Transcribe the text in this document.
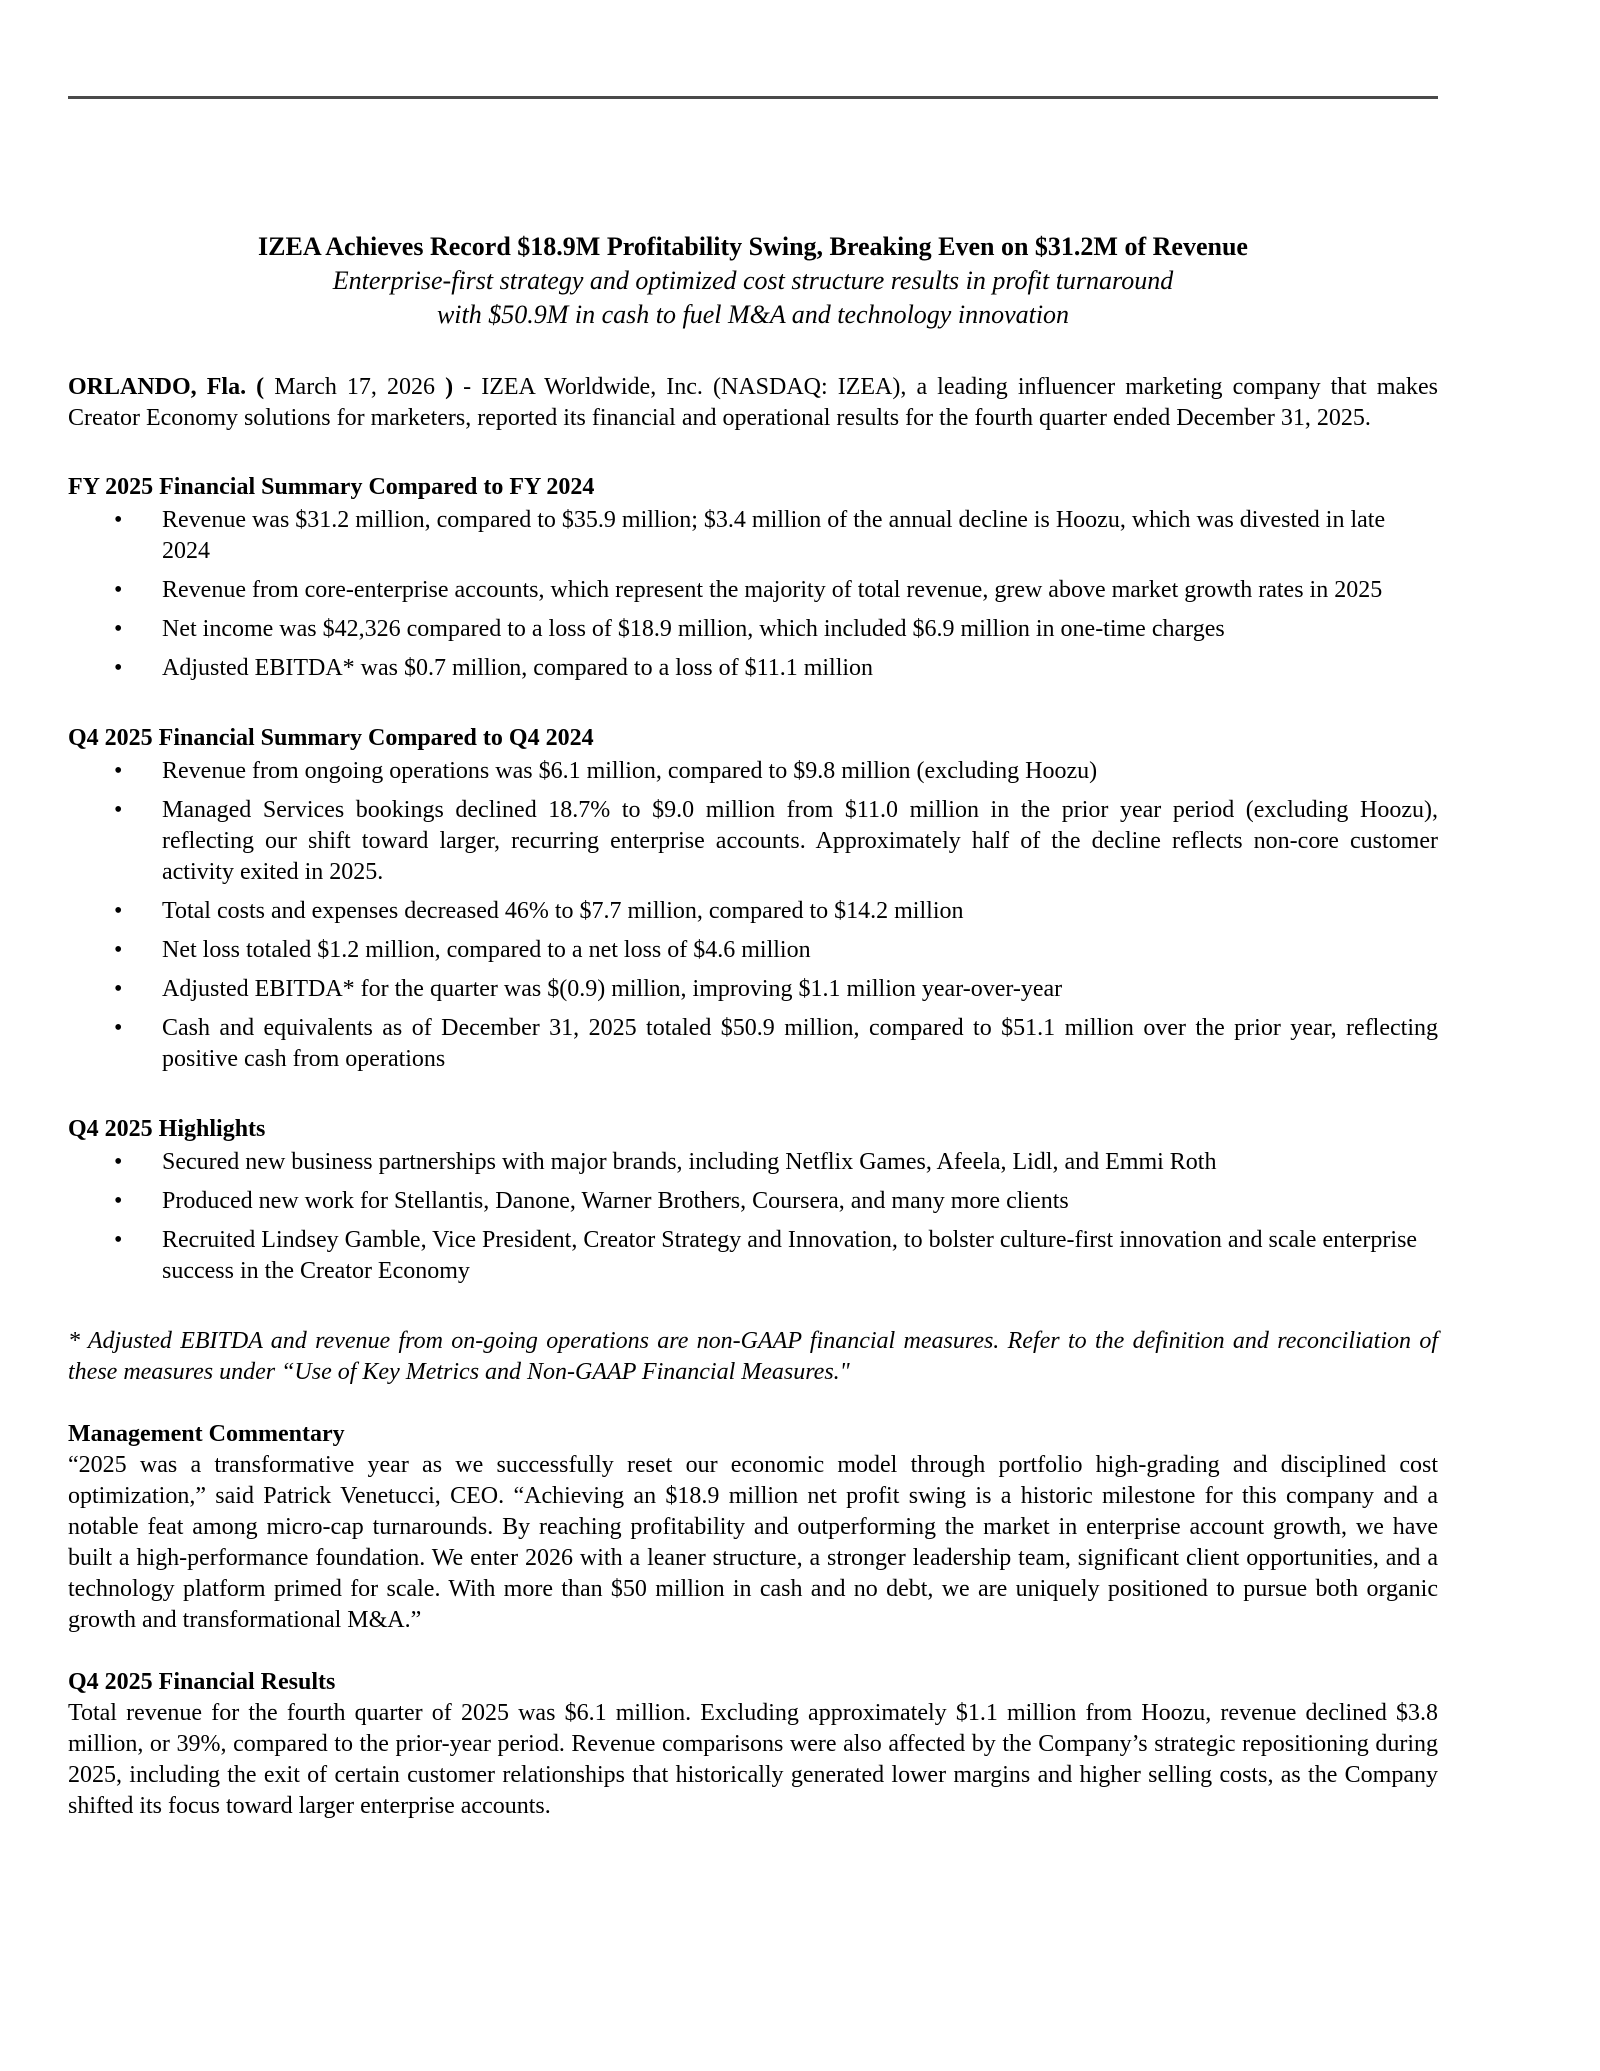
IZEA Achieves Record $18.9M Profitability Swing, Breaking Even on $31.2M of Revenue

Enterprise-first strategy and optimized cost structure results in profit turnaround

with $50.9M in cash to fuel M&A and technology innovation

ORLANDO, Fla. ( March 17, 2026 ) - IZEA Worldwide, Inc. (NASDAQ: IZEA), a leading influencer marketing company that makes Creator Economy solutions for marketers, reported its financial and operational results for the fourth quarter ended December 31, 2025.

FY 2025 Financial Summary Compared to FY 2024

•	Revenue was $31.2 million, compared to $35.9 million; $3.4 million of the annual decline is Hoozu, which was divested in late 2024
•	Revenue from core-enterprise accounts, which represent the majority of total revenue, grew above market growth rates in 2025
•	Net income was $42,326 compared to a loss of $18.9 million, which included $6.9 million in one-time charges
•	Adjusted EBITDA* was $0.7 million, compared to a loss of $11.1 million

Q4 2025 Financial Summary Compared to Q4 2024

•	Revenue from ongoing operations was $6.1 million, compared to $9.8 million (excluding Hoozu)
•	Managed Services bookings declined 18.7% to $9.0 million from $11.0 million in the prior year period (excluding Hoozu), reflecting our shift toward larger, recurring enterprise accounts. Approximately half of the decline reflects non-core customer activity exited in 2025.
•	Total costs and expenses decreased 46% to $7.7 million, compared to $14.2 million
•	Net loss totaled $1.2 million, compared to a net loss of $4.6 million
•	Adjusted EBITDA* for the quarter was $(0.9) million, improving $1.1 million year-over-year
•	Cash and equivalents as of December 31, 2025 totaled $50.9 million, compared to $51.1 million over the prior year, reflecting positive cash from operations

Q4 2025 Highlights

•	Secured new business partnerships with major brands, including Netflix Games, Afeela, Lidl, and Emmi Roth
•	Produced new work for Stellantis, Danone, Warner Brothers, Coursera, and many more clients
•	Recruited Lindsey Gamble, Vice President, Creator Strategy and Innovation, to bolster culture-first innovation and scale enterprise success in the Creator Economy

* Adjusted EBITDA and revenue from on-going operations are non-GAAP financial measures. Refer to the definition and reconciliation of these measures under “Use of Key Metrics and Non-GAAP Financial Measures."

Management Commentary

“2025 was a transformative year as we successfully reset our economic model through portfolio high-grading and disciplined cost optimization,” said Patrick Venetucci, CEO. “Achieving an $18.9 million net profit swing is a historic milestone for this company and a notable feat among micro-cap turnarounds. By reaching profitability and outperforming the market in enterprise account growth, we have built a high-performance foundation. We enter 2026 with a leaner structure, a stronger leadership team, significant client opportunities, and a technology platform primed for scale. With more than $50 million in cash and no debt, we are uniquely positioned to pursue both organic growth and transformational M&A.”

Q4 2025 Financial Results

Total revenue for the fourth quarter of 2025 was $6.1 million. Excluding approximately $1.1 million from Hoozu, revenue declined $3.8 million, or 39%, compared to the prior-year period. Revenue comparisons were also affected by the Company’s strategic repositioning during 2025, including the exit of certain customer relationships that historically generated lower margins and higher selling costs, as the Company shifted its focus toward larger enterprise accounts.
